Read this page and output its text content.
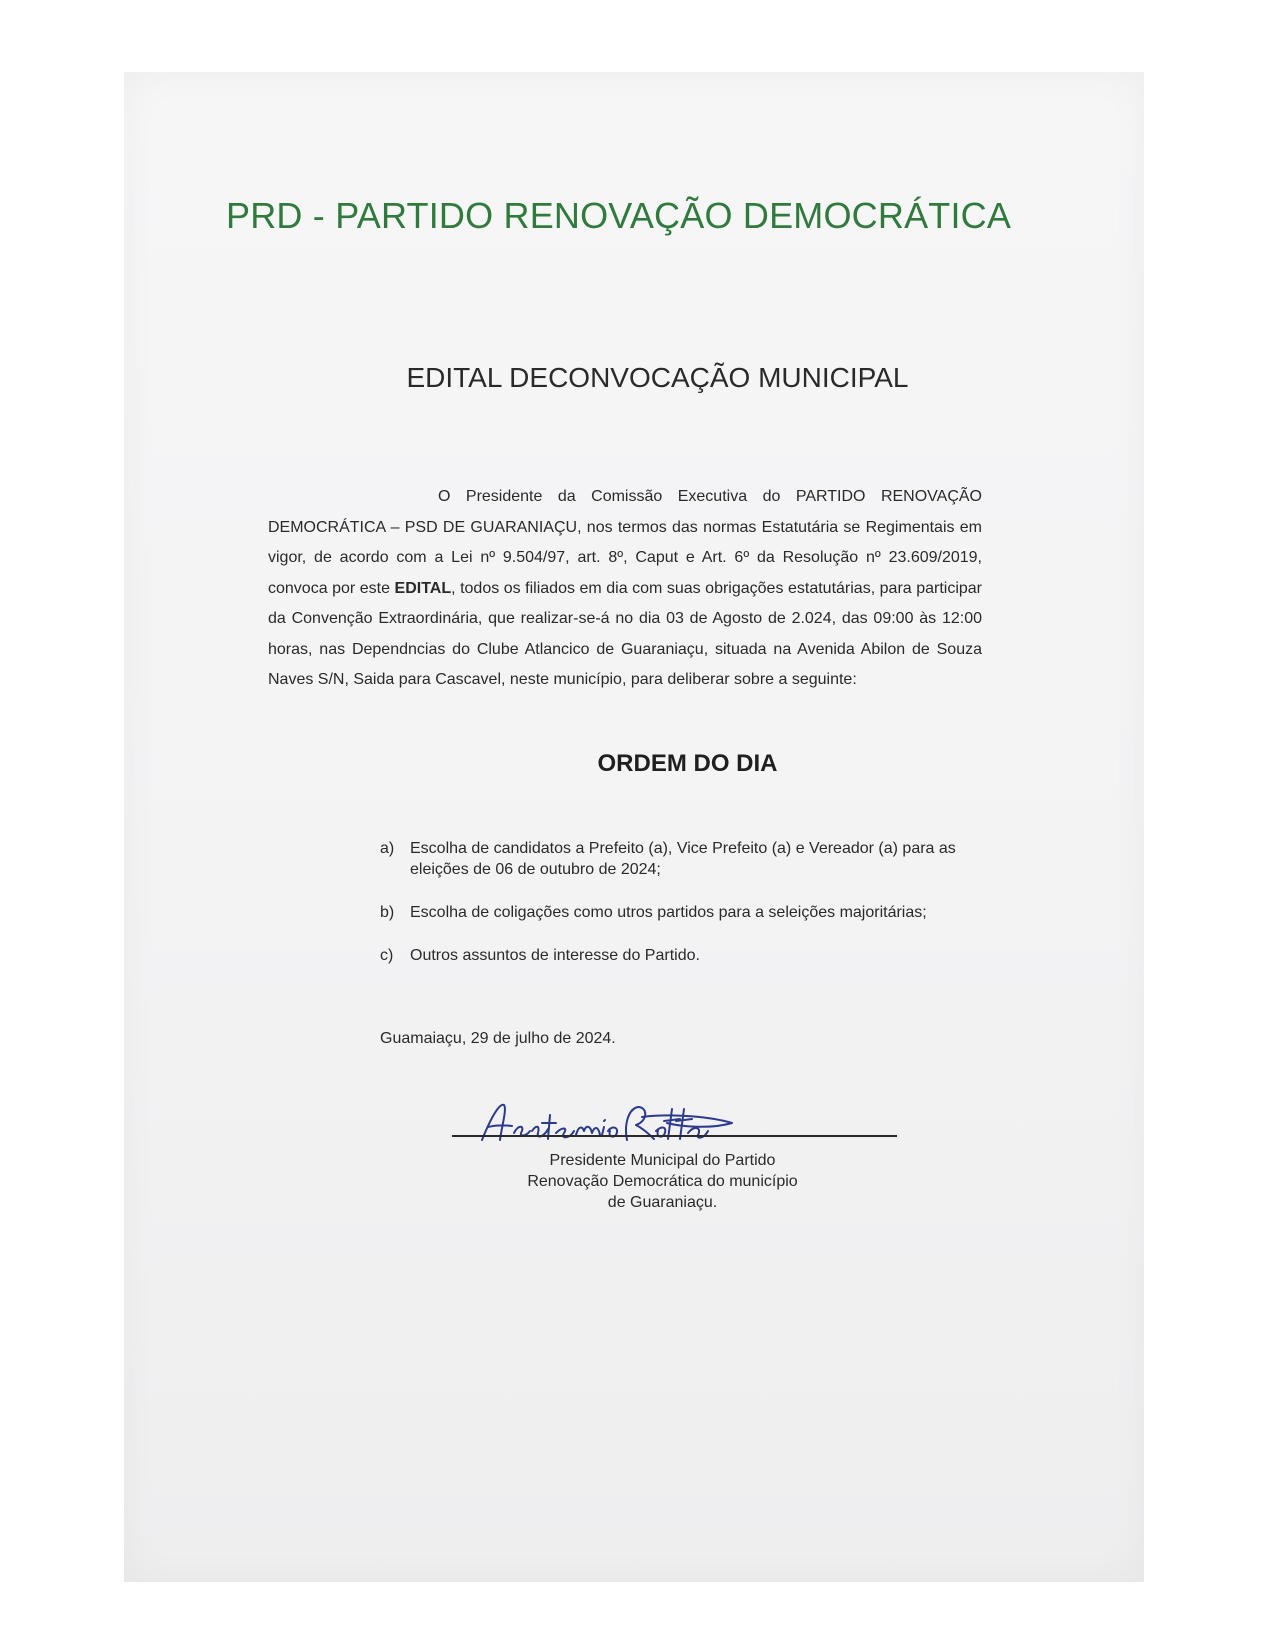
PRD - PARTIDO RENOVAÇÃO DEMOCRÁTICA
EDITAL DECONVOCAÇÃO MUNICIPAL
O Presidente da Comissão Executiva do PARTIDO RENOVAÇÃO DEMOCRÁTICA – PSD DE GUARANIAÇU, nos termos das normas Estatutária se Regimentais em vigor, de acordo com a Lei nº 9.504/97, art. 8º, Caput e Art. 6º da Resolução nº 23.609/2019, convoca por este EDITAL, todos os filiados em dia com suas obrigações estatutárias, para participar da Convenção Extraordinária, que realizar-se-á no dia 03 de Agosto de 2.024, das 09:00 às 12:00 horas, nas Dependncias do Clube Atlancico de Guaraniaçu, situada na Avenida Abilon de Souza Naves S/N, Saida para Cascavel, neste município, para deliberar sobre a seguinte:
ORDEM DO DIA
a) Escolha de candidatos a Prefeito (a), Vice Prefeito (a) e Vereador (a) para as eleições de 06 de outubro de 2024;
b) Escolha de coligações como utros partidos para a seleições majoritárias;
c)	Outros assuntos de interesse do Partido.
Guamaiaçu, 29 de julho de 2024.
Presidente Municipal do Partido
Renovação Democrática do município
de Guaraniaçu.
